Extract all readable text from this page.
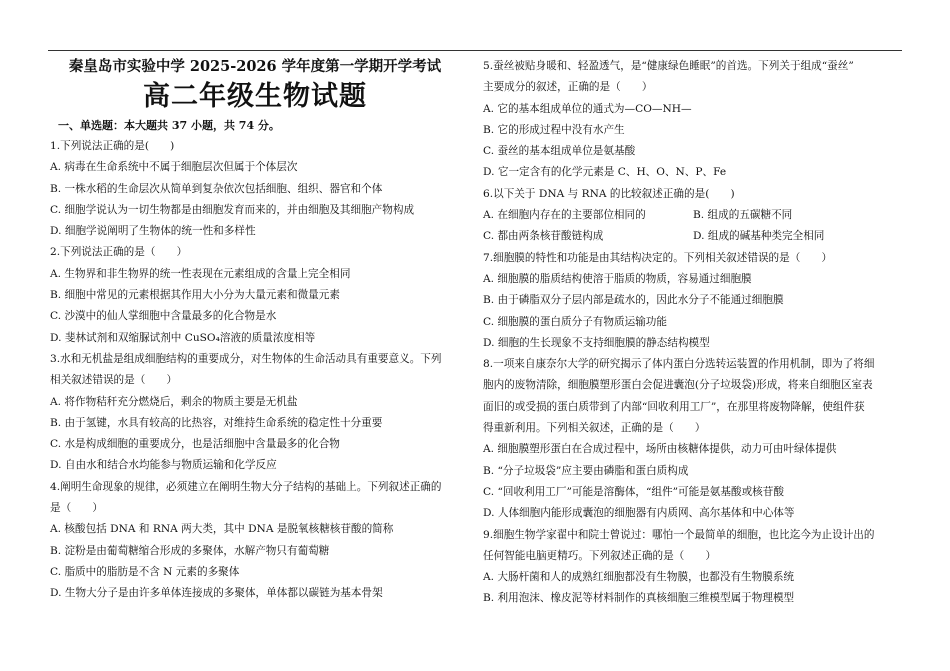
秦皇岛市实验中学 2025-2026 学年度第一学期开学考试
高二年级生物试题
一、单选题：本大题共 37 小题，共 74 分。
1.下列说法正确的是(　　)
A. 病毒在生命系统中不属于细胞层次但属于个体层次
B. 一株水稻的生命层次从简单到复杂依次包括细胞、组织、器官和个体
C. 细胞学说认为一切生物都是由细胞发育而来的，并由细胞及其细胞产物构成
D. 细胞学说阐明了生物体的统一性和多样性
2.下列说法正确的是（　　）
A. 生物界和非生物界的统一性表现在元素组成的含量上完全相同
B. 细胞中常见的元素根据其作用大小分为大量元素和微量元素
C. 沙漠中的仙人掌细胞中含量最多的化合物是水
D. 斐林试剂和双缩脲试剂中 CuSO₄溶液的质量浓度相等
3.水和无机盐是组成细胞结构的重要成分，对生物体的生命活动具有重要意义。下列
相关叙述错误的是（　　）
A. 将作物秸秆充分燃烧后，剩余的物质主要是无机盐
B. 由于氢键，水具有较高的比热容，对维持生命系统的稳定性十分重要
C. 水是构成细胞的重要成分，也是活细胞中含量最多的化合物
D. 自由水和结合水均能参与物质运输和化学反应
4.阐明生命现象的规律，必须建立在阐明生物大分子结构的基础上。下列叙述正确的
是（　　）
A. 核酸包括 DNA 和 RNA 两大类，其中 DNA 是脱氧核糖核苷酸的简称
B. 淀粉是由葡萄糖缩合形成的多聚体，水解产物只有葡萄糖
C. 脂质中的脂肪是不含 N 元素的多聚体
D. 生物大分子是由许多单体连接成的多聚体，单体都以碳链为基本骨架
5.蚕丝被贴身暖和、轻盈透气，是“健康绿色睡眠”的首选。下列关于组成“蚕丝”
主要成分的叙述，正确的是（　　）
A. 它的基本组成单位的通式为—CO—NH—
B. 它的形成过程中没有水产生
C. 蚕丝的基本组成单位是氨基酸
D. 它一定含有的化学元素是 C、H、O、N、P、Fe
6.以下关于 DNA 与 RNA 的比较叙述正确的是(　　)
A. 在细胞内存在的主要部位相同的	B. 组成的五碳糖不同
C. 都由两条核苷酸链构成	D. 组成的碱基种类完全相同
7.细胞膜的特性和功能是由其结构决定的。下列相关叙述错误的是（　　）
A. 细胞膜的脂质结构使溶于脂质的物质，容易通过细胞膜
B. 由于磷脂双分子层内部是疏水的，因此水分子不能通过细胞膜
C. 细胞膜的蛋白质分子有物质运输功能
D. 细胞的生长现象不支持细胞膜的静态结构模型
8.一项来自康奈尔大学的研究揭示了体内蛋白分选转运装置的作用机制，即为了将细
胞内的废物清除，细胞膜塑形蛋白会促进囊泡(分子垃圾袋)形成，将来自细胞区室表
面旧的或受损的蛋白质带到了内部“回收利用工厂”，在那里将废物降解，使组件获
得重新利用。下列相关叙述，正确的是（　　）
A. 细胞膜塑形蛋白在合成过程中，场所由核糖体提供，动力可由叶绿体提供
B. “分子垃圾袋”应主要由磷脂和蛋白质构成
C. “回收利用工厂”可能是溶酶体，“组件”可能是氨基酸或核苷酸
D. 人体细胞内能形成囊泡的细胞器有内质网、高尔基体和中心体等
9.细胞生物学家翟中和院士曾说过：哪怕一个最简单的细胞，也比迄今为止设计出的
任何智能电脑更精巧。下列叙述正确的是（　　）
A. 大肠杆菌和人的成熟红细胞都没有生物膜，也都没有生物膜系统
B. 利用泡沫、橡皮泥等材料制作的真核细胞三维模型属于物理模型
